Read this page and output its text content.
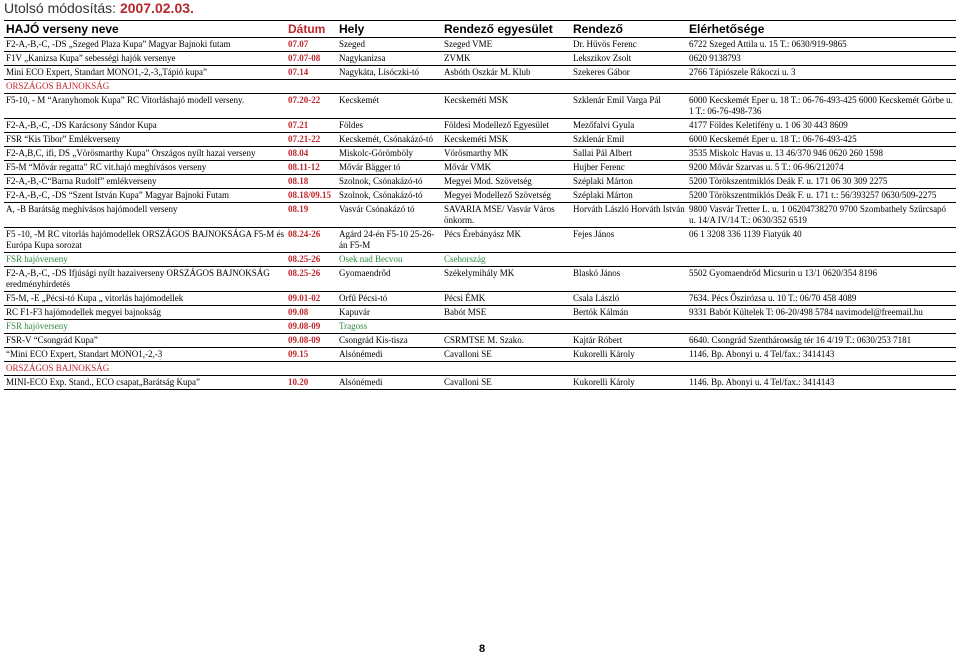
Utolsó módosítás: 2007.02.03.
HAJÓ verseny neve	Dátum	Hely	Rendező egyesület	Rendező	Elérhetősége
F2-A,-B,-C, -DS „Szeged Plaza Kupa” Magyar Bajnoki futam	07.07	Szeged	Szeged VME	Dr. Hűvös Ferenc	6722 Szeged Attila u. 15 T.: 0630/919-9865
F1V „Kanizsa Kupa” sebességi hajók versenye	07.07-08	Nagykanizsa	ZVMK	Lekszikov Zsolt	0620 9138793
Mini ECO Expert, Standart MONO1,-2,-3„Tápió kupa”	07.14	Nagykáta, Lisóczki-tó	Asbóth Oszkár M. Klub	Szekeres Gábor	2766 Tápiószele Rákoczi u. 3
ORSZÁGOS BAJNOKSÁG					
F5-10, - M “Aranyhomok Kupa” RC Vitorláshajó modell verseny.	07.20-22	Kecskemét	Kecskeméti MSK	Szklenár Emil Varga Pál	6000 Kecskemét Eper u. 18 T.: 06-76-493-425 6000 Kecskemét Görbe u. 1 T.: 06-76-498-736
F2-A,-B,-C, -DS Karácsony Sándor Kupa	07.21	Földes	Földesi Modellező Egyesület	Mezőfalvi Gyula	4177 Földes Keletifény u. 1 06 30 443 8609
FSR “Kis Tibor” Emlékverseny	07.21-22	Kecskemét, Csónakázó-tó	Kecskeméti MSK	Szklenár Emil	6000 Kecskemét Eper u. 18 T.: 06-76-493-425
F2-A,B,C, ifi, DS „Vörösmarthy Kupa” Országos nyílt hazai verseny	08.04	Miskolc-Görömböly	Vörösmarthy MK	Sallai Pál Albert	3535 Miskolc Havas u. 13 46/370 946 0620 260 1598
F5-M “Mővár regatta” RC vit.hajó meghívásos verseny	08.11-12	Mővár Bägger tó	Mővár VMK	Hujber Ferenc	9200 Mővár Szarvas u. 5 T.: 06-96/212074
F2-A,-B,-C“Barna Rudolf” emlékverseny	08.18	Szolnok, Csónakázó-tó	Megyei Mod. Szövetség	Széplaki Márton	5200 Törökszentmiklós Deák F. u. 171 06 30 309 2275
F2-A,-B,-C, -DS “Szent István Kupa” Magyar Bajnoki Futam	08.18/09.15	Szolnok, Csónakázó-tó	Megyei Modellező Szövetség	Széplaki Márton	5200 Törökszentmiklós Deák F. u. 171 t.: 56/393257 0630/509-2275
A, -B Barátság meghívásos hajómodell verseny	08.19	Vasvár Csónakázó tó	SAVARIA MSE/ Vasvár Város önkorm.	Horváth László Horváth István	9800 Vasvár Tretter L. u. 1 06204738270 9700 Szombathely Szűrcsapó u. 14/A IV/14 T.: 0630/352 6519
F5 -10, -M RC vitorlás hajómodellek ORSZÁGOS BAJNOKSÁGA F5-M és Európa Kupa sorozat	08.24-26	Agárd 24-én F5-10 25-26-án F5-M	Pécs Érebányász MK	Fejes János	06 1 3208 336 1139 Fiatyúk 40
FSR hajóverseny	08.25-26	Osek nad Becvou	Csehország		
F2-A,-B,-C, -DS Ifjúsági nyílt hazaiverseny ORSZÁGOS BAJNOKSÁG eredményhirdetés	08.25-26	Gyomaendrőd	Székelymihály MK	Blaskó János	5502 Gyomaendrőd Micsurin u 13/1 0620/354 8196
F5-M, -E „Pécsi-tó Kupa „ vitorlás hajómodellek	09.01-02	Orfű Pécsi-tó	Pécsi ÉMK	Csala László	7634. Pécs Őszirózsa u. 10 T.: 06/70 458 4089
RC F1-F3 hajómodellek megyei bajnokság	09.08	Kapuvár	Babót MSE	Bertók Kálmán	9331 Babót Kültelek T: 06-20/498 5784 navimodel@freemail.hu
FSR hajóverseny	09.08-09	Tragoss			
FSR-V “Csongrád Kupa”	09.08-09	Csongrád Kis-tisza	CSRMTSE M. Szako.	Kajtár Róbert	6640. Csongrád Szenthárомság tér 16 4/19 T.: 0630/253 7181
“Mini ECO Expert, Standart MONO1,-2,-3	09.15	Alsónémedi	Cavalloni SE	Kukorelli Károly	1146. Bp. Abonyi u. 4 Tel/fax.: 3414143
ORSZÁGOS BAJNOKSÁG					
MINI-ECO Exp. Stand., ECO csapat„Barátság Kupa”	10.20	Alsónémedi	Cavalloni SE	Kukorelli Károly	1146. Bp. Abonyi u. 4 Tel/fax.: 3414143
8
